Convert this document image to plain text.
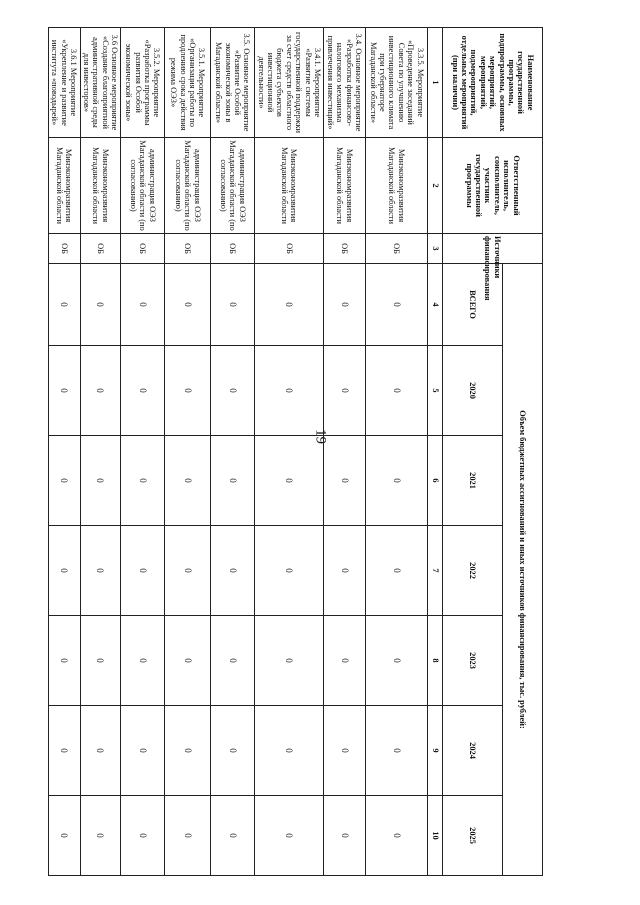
19
Наименование государственной программы, подпрограммы, основных мероприятий, мероприятий, подмероприятий, отдельных мероприятий (при наличии)	Ответственный исполнитель, соисполнитель, участник государственной программы	Источники финансирования	Объем бюджетных ассигнований и иных источников финансирования, тыс. рублей:						
			ВСЕГО	2020	2021	2022	2023	2024	2025
1	2	3	4	5	6	7	8	9	10
3.3.5. Мероприятие «Проведение заседаний Совета по улучшению инвестиционного климата при губернаторе Магаданской области»	Минэкономразвития Магаданской области	ОБ	0	0	0	0	0	0	0
3.4. Основное мероприятие «Разработка финансово-налогового механизма привлечения инвестиций»	Минэкономразвития Магаданской области	ОБ	0	0	0	0	0	0	0
3.4.1. Мероприятие «Развитие системы государственной поддержки за счет средств областного бюджета субъектов инвестиционной деятельности»	Минэкономразвития Магаданской области	ОБ	0	0	0	0	0	0	0
3.5. Основное мероприятие «Развитие Особой экономической зоны в Магаданской области»	администрация ОЭЗ Магаданской области (по согласованию)	ОБ	0	0	0	0	0	0	0
3.5.1. Мероприятие «Организация работы по продлению срока действия режима ОЭЗ»	администрация ОЭЗ Магаданской области (по согласованию)	ОБ	0	0	0	0	0	0	0
3.5.2. Мероприятие «Разработка программы развития Особой экономической зоны»	администрация ОЭЗ Магаданской области (по согласованию)	ОБ	0	0	0	0	0	0	0
3.6 Основное мероприятие «Создание благоприятной административной среды для инвесторов»	Минэкономразвития Магаданской области	ОБ	0	0	0	0	0	0	0
3.6.1 Мероприятие «Укрепление и развитие института «поводырей»	Минэкономразвития Магаданской области	ОБ	0	0	0	0	0	0	0
